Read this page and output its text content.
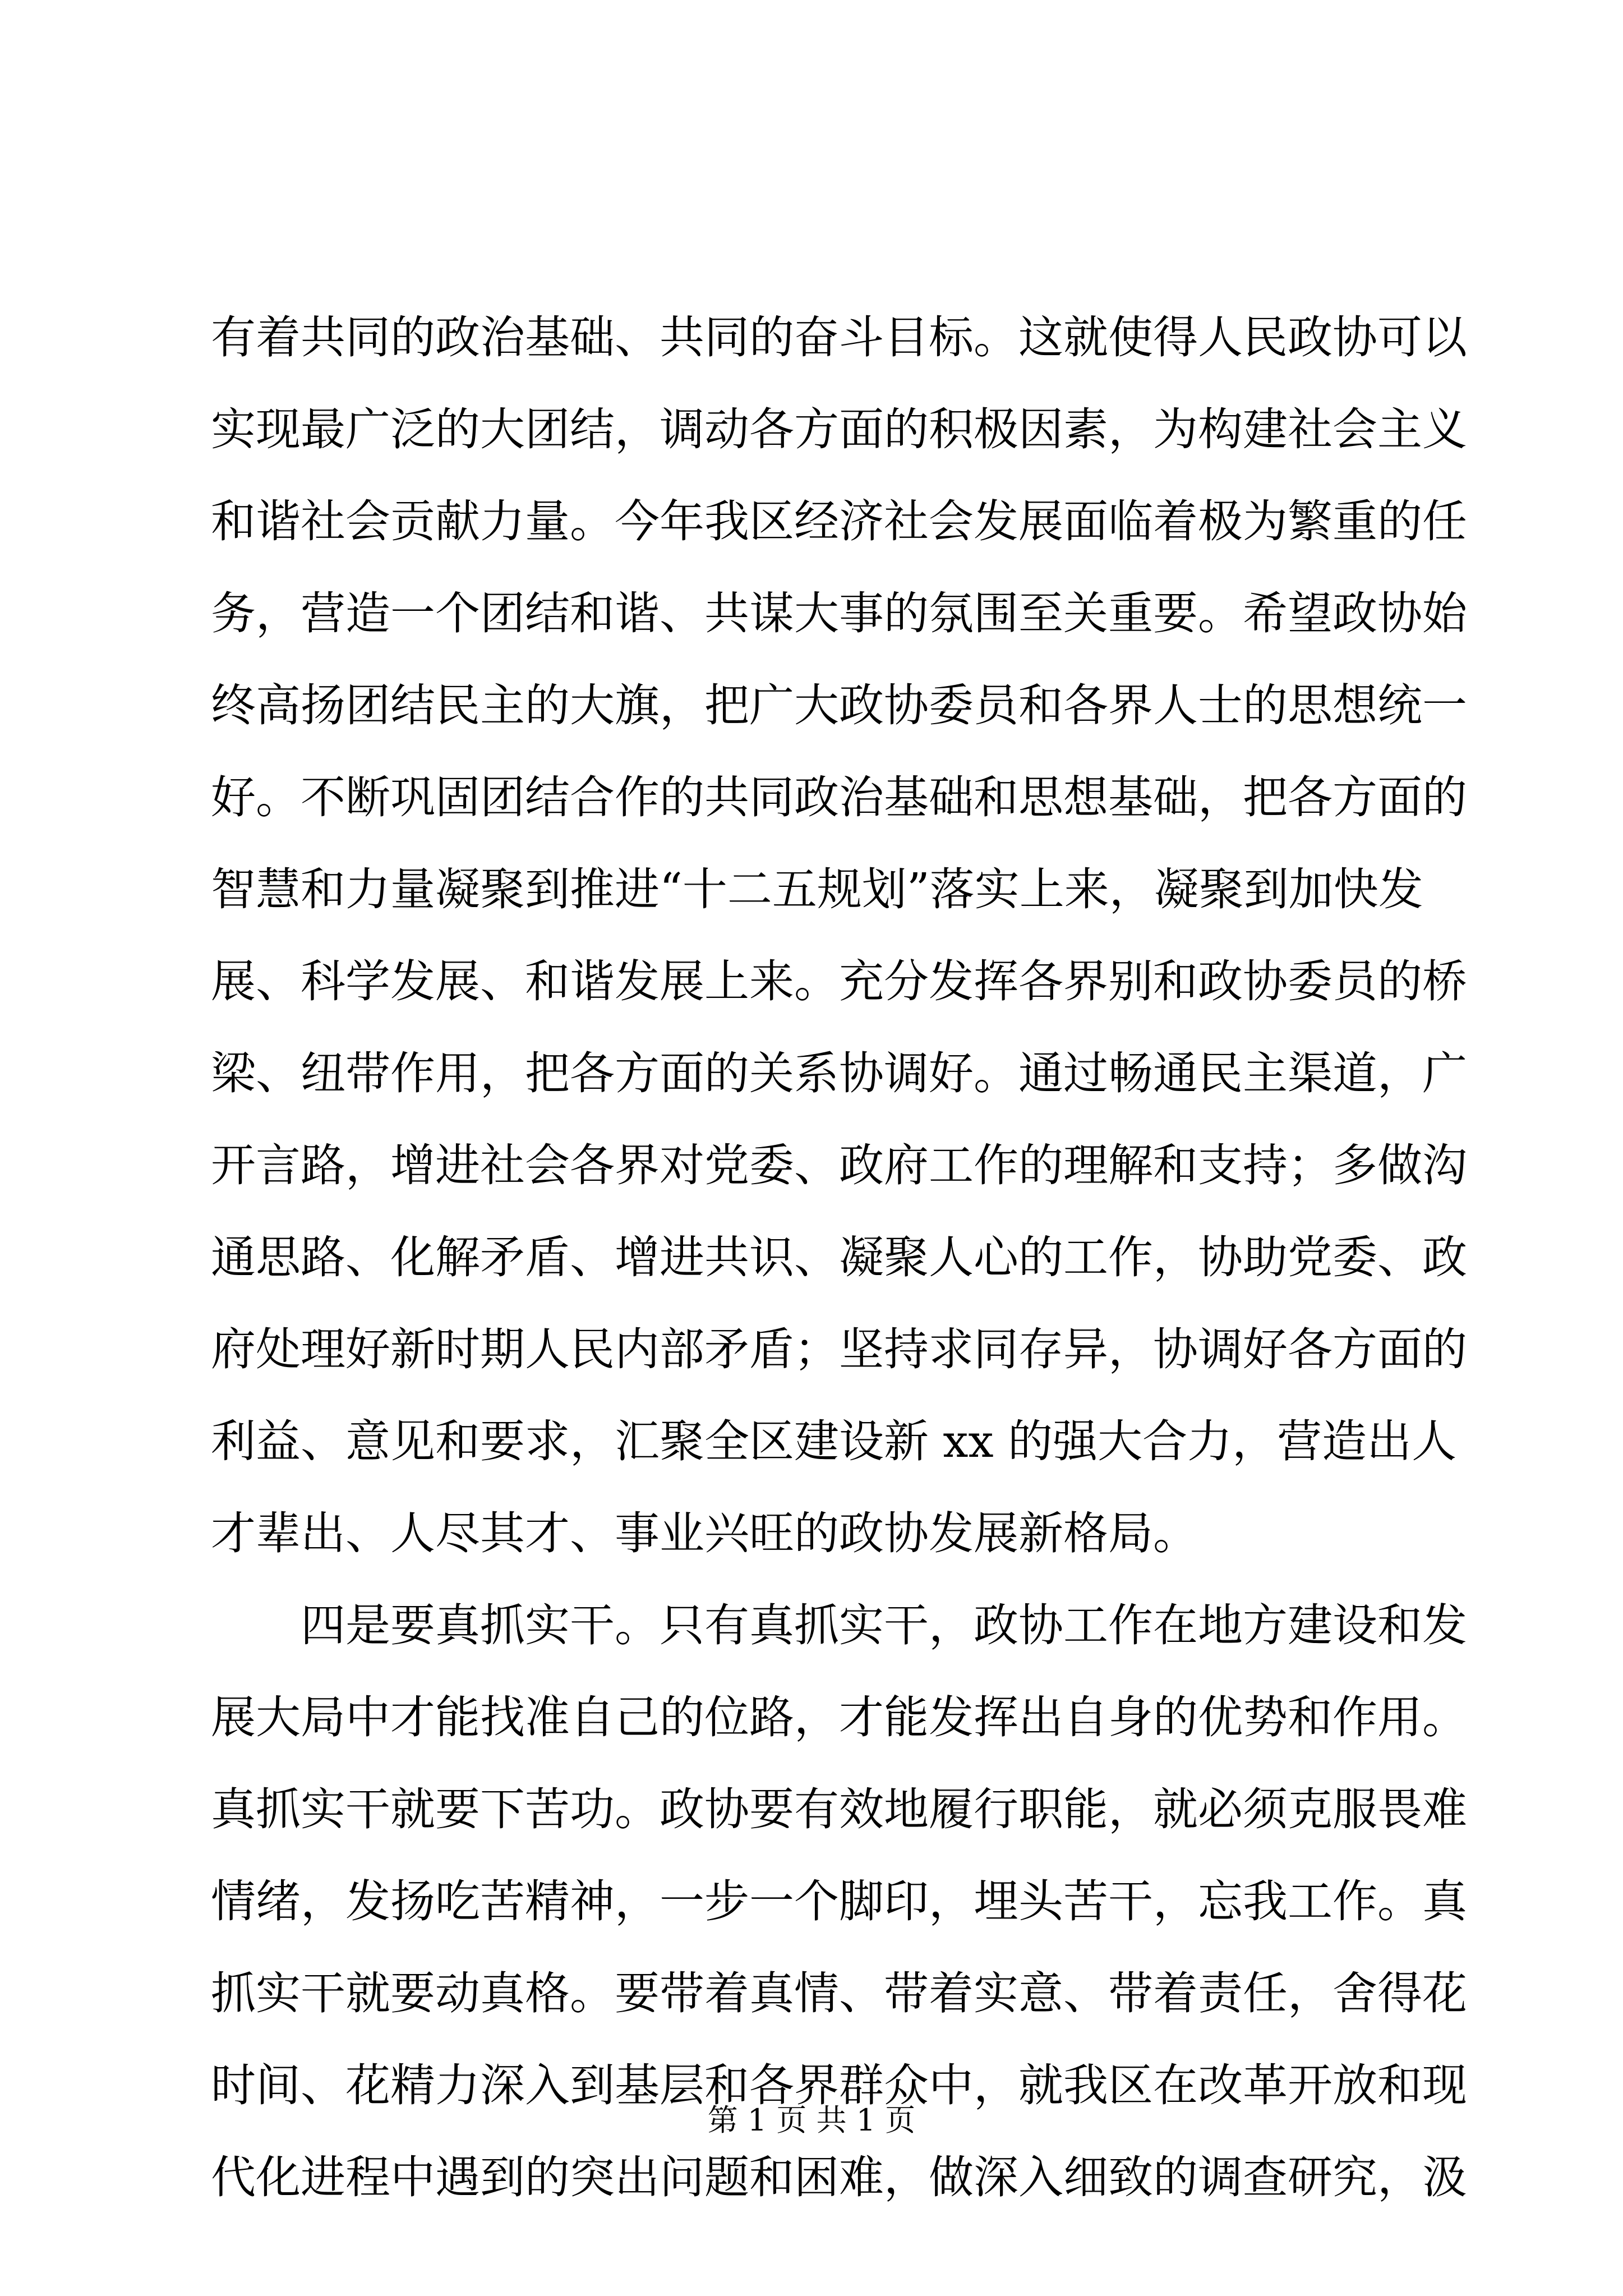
有着共同的政治基础、共同的奋斗目标。这就使得人民政协可以
实现最广泛的大团结，调动各方面的积极因素，为构建社会主义
和谐社会贡献力量。今年我区经济社会发展面临着极为繁重的任
务，营造一个团结和谐、共谋大事的氛围至关重要。希望政协始
终高扬团结民主的大旗，把广大政协委员和各界人士的思想统一
好。不断巩固团结合作的共同政治基础和思想基础，把各方面的
智慧和力量凝聚到推进“十二五规划”落实上来，凝聚到加快发
展、科学发展、和谐发展上来。充分发挥各界别和政协委员的桥
梁、纽带作用，把各方面的关系协调好。通过畅通民主渠道，广
开言路，增进社会各界对党委、政府工作的理解和支持；多做沟
通思路、化解矛盾、增进共识、凝聚人心的工作，协助党委、政
府处理好新时期人民内部矛盾；坚持求同存异，协调好各方面的
利益、意见和要求，汇聚全区建设新 xx 的强大合力，营造出人
才辈出、人尽其才、事业兴旺的政协发展新格局。
　　四是要真抓实干。只有真抓实干，政协工作在地方建设和发
展大局中才能找准自己的位路，才能发挥出自身的优势和作用。
真抓实干就要下苦功。政协要有效地履行职能，就必须克服畏难
情绪，发扬吃苦精神，一步一个脚印，埋头苦干，忘我工作。真
抓实干就要动真格。要带着真情、带着实意、带着责任，舍得花
时间、花精力深入到基层和各界群众中，就我区在改革开放和现
代化进程中遇到的突出问题和困难，做深入细致的调查研究，汲
第 1 页 共 1 页
